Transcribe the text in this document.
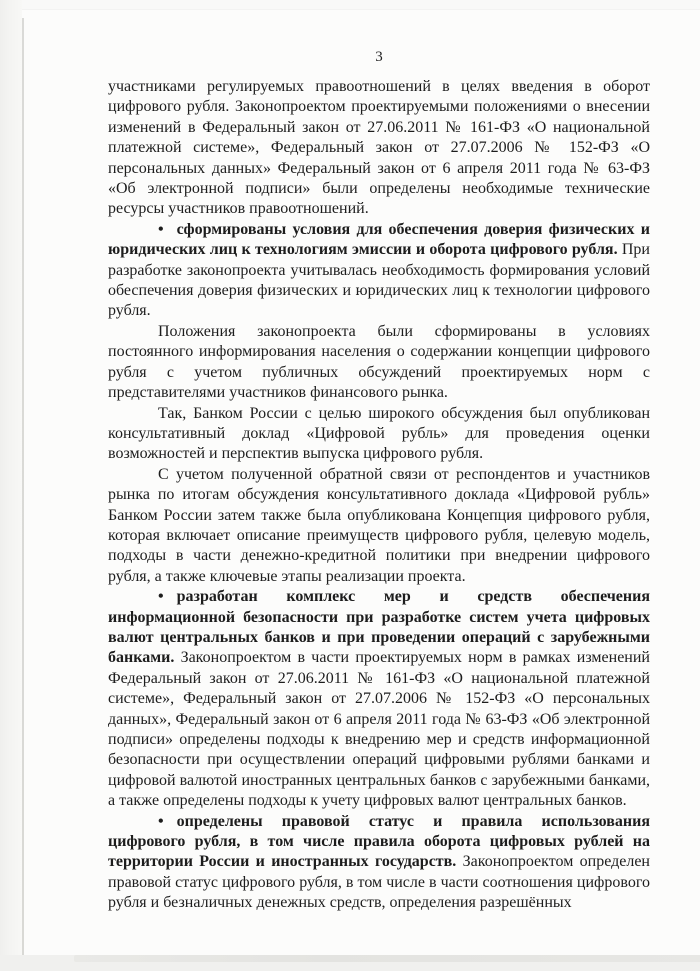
3

участниками регулируемых правоотношений в целях введения в оборот цифрового рубля. Законопроектом проектируемыми положениями о внесении изменений в Федеральный закон от 27.06.2011 № 161-ФЗ «О национальной платежной системе», Федеральный закон от 27.07.2006 № 152-ФЗ «О персональных данных» Федеральный закон от 6 апреля 2011 года № 63-ФЗ «Об электронной подписи» были определены необходимые технические ресурсы участников правоотношений.

• сформированы условия для обеспечения доверия физических и юридических лиц к технологиям эмиссии и оборота цифрового рубля. При разработке законопроекта учитывалась необходимость формирования условий обеспечения доверия физических и юридических лиц к технологии цифрового рубля.

Положения законопроекта были сформированы в условиях постоянного информирования населения о содержании концепции цифрового рубля с учетом публичных обсуждений проектируемых норм с представителями участников финансового рынка.

Так, Банком России с целью широкого обсуждения был опубликован консультативный доклад «Цифровой рубль» для проведения оценки возможностей и перспектив выпуска цифрового рубля.

С учетом полученной обратной связи от респондентов и участников рынка по итогам обсуждения консультативного доклада «Цифровой рубль» Банком России затем также была опубликована Концепция цифрового рубля, которая включает описание преимуществ цифрового рубля, целевую модель, подходы в части денежно-кредитной политики при внедрении цифрового рубля, а также ключевые этапы реализации проекта.

• разработан комплекс мер и средств обеспечения информационной безопасности при разработке систем учета цифровых валют центральных банков и при проведении операций с зарубежными банками. Законопроектом в части проектируемых норм в рамках изменений Федеральный закон от 27.06.2011 № 161-ФЗ «О национальной платежной системе», Федеральный закон от 27.07.2006 № 152-ФЗ «О персональных данных», Федеральный закон от 6 апреля 2011 года № 63-ФЗ «Об электронной подписи» определены подходы к внедрению мер и средств информационной безопасности при осуществлении операций цифровыми рублями банками и цифровой валютой иностранных центральных банков с зарубежными банками, а также определены подходы к учету цифровых валют центральных банков.

• определены правовой статус и правила использования цифрового рубля, в том числе правила оборота цифровых рублей на территории России и иностранных государств. Законопроектом определен правовой статус цифрового рубля, в том числе в части соотношения цифрового рубля и безналичных денежных средств, определения разрешённых
